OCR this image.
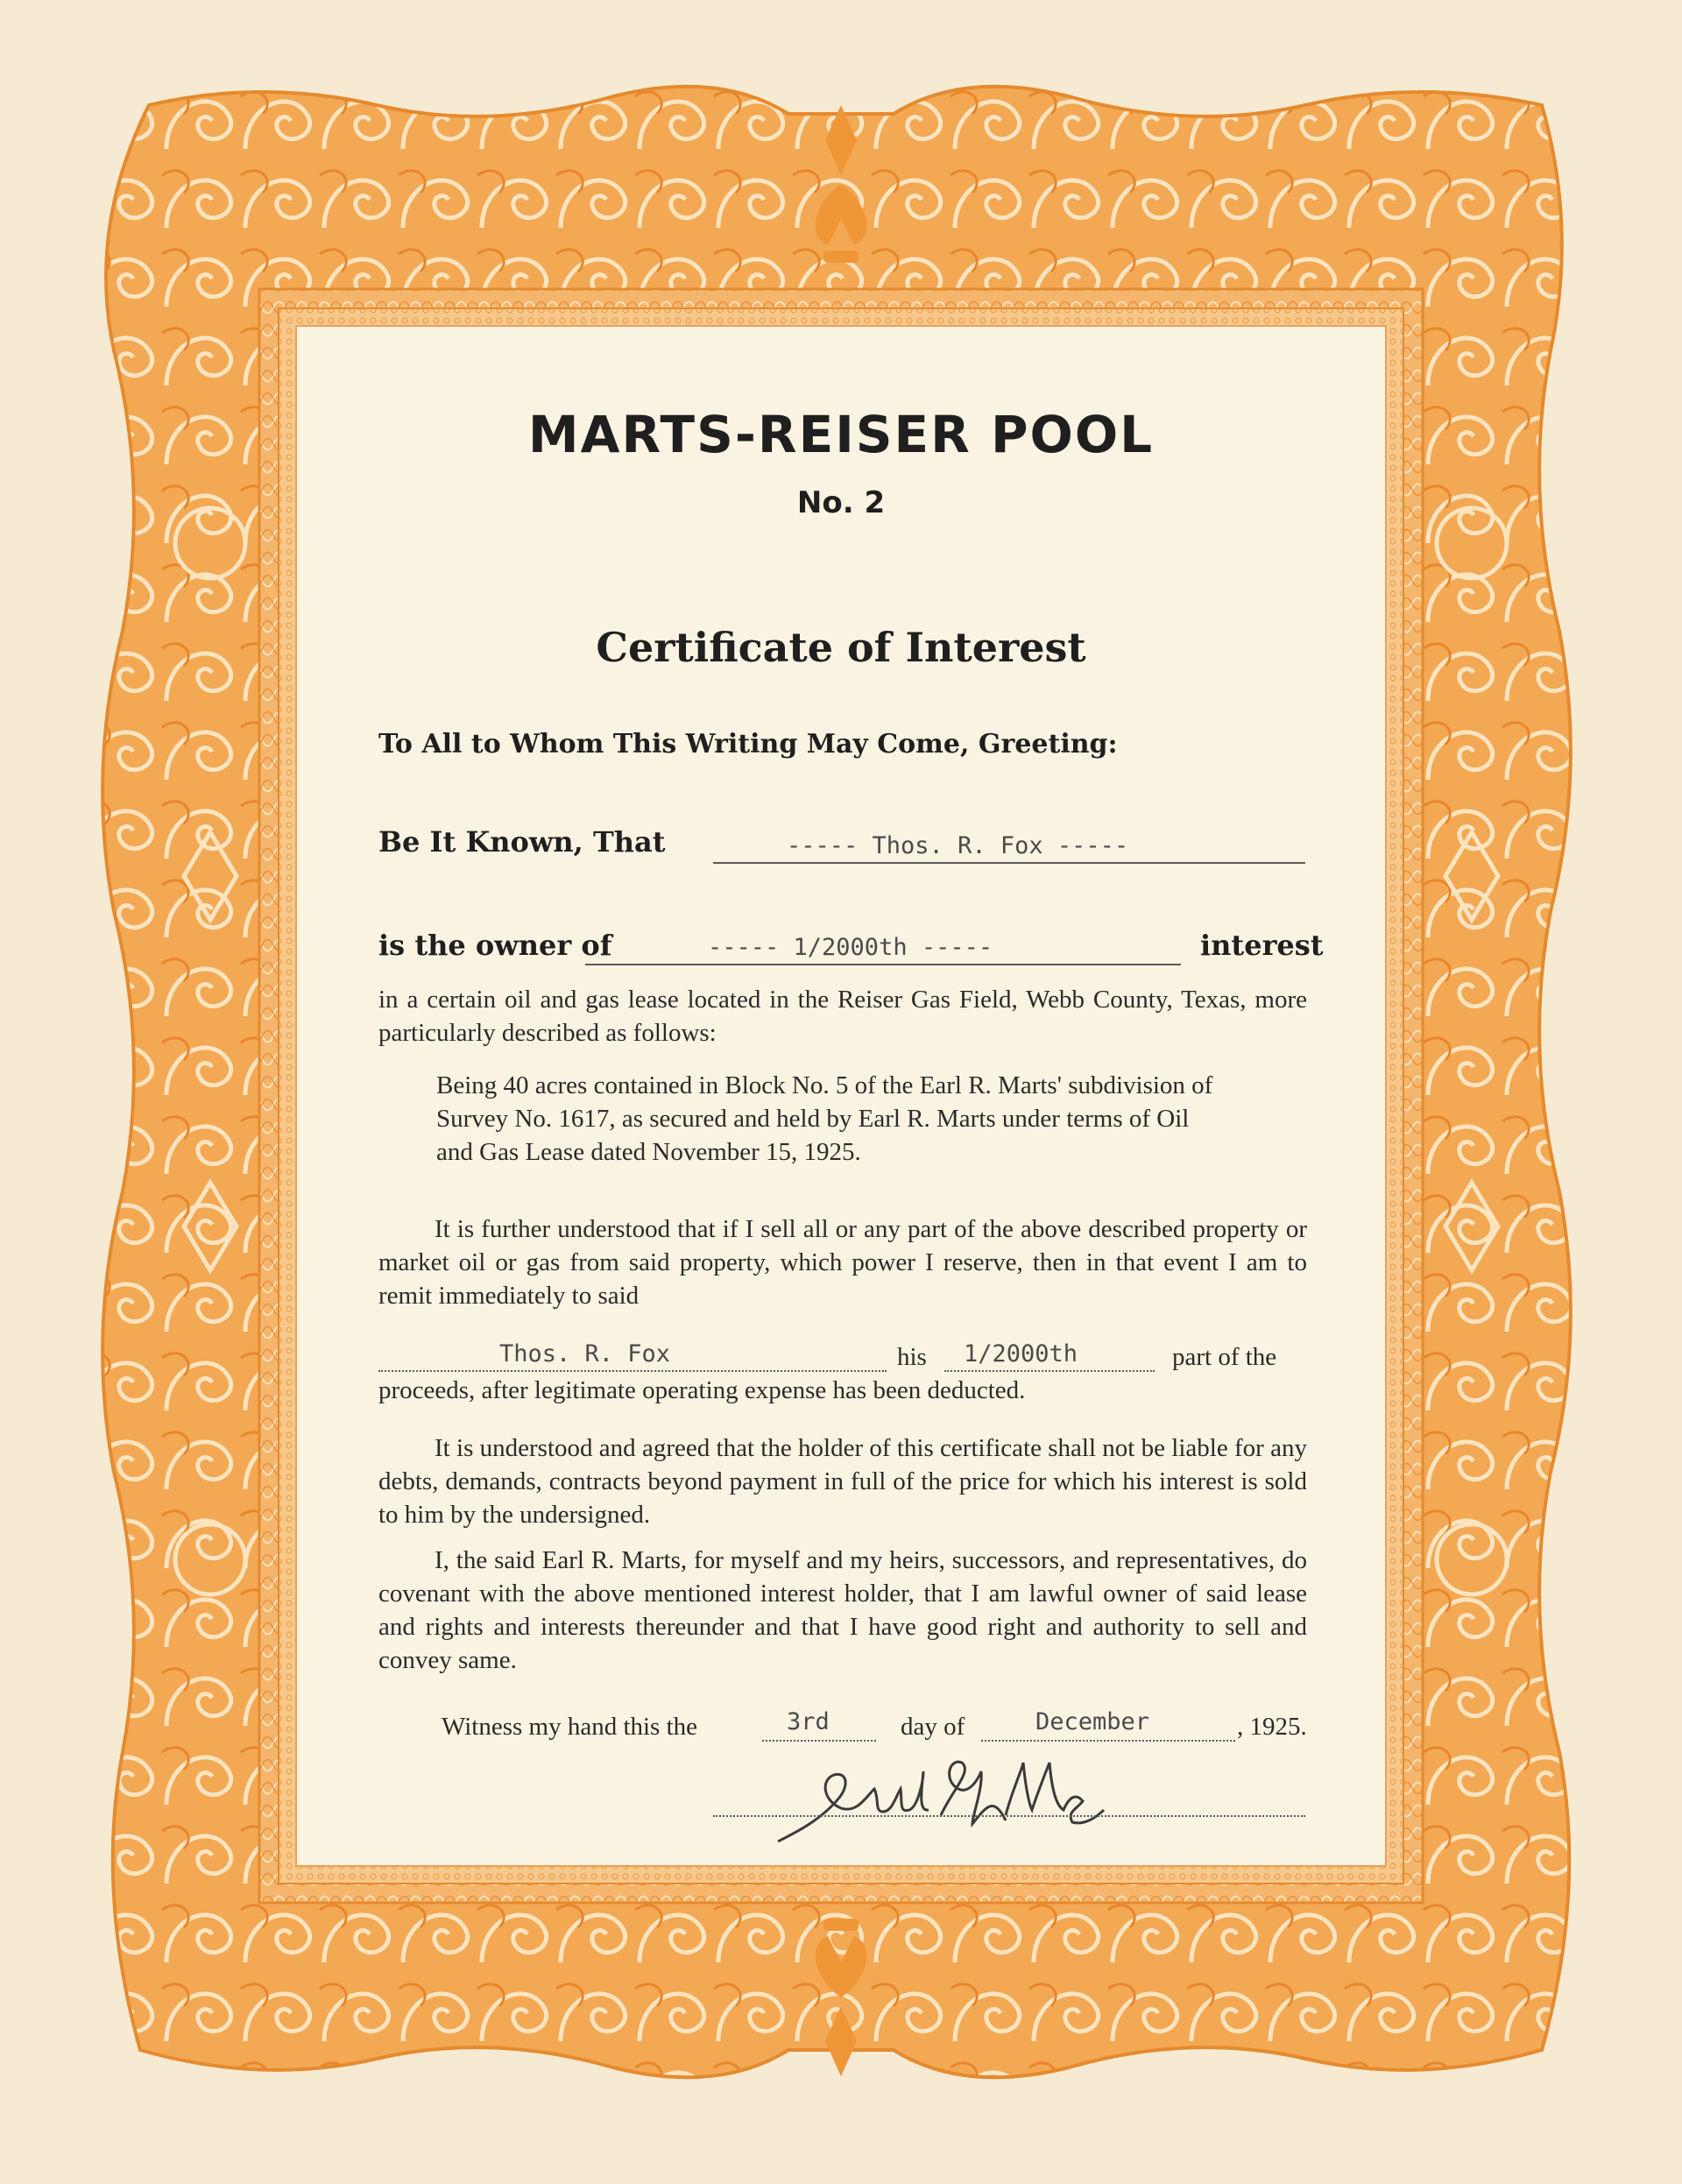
MARTS-REISER POOL
No. 2
Certificate of Interest
To All to Whom This Writing May Come, Greeting:
Be It Known, That	----- Thos. R. Fox -----
is the owner of	----- 1/2000th -----	interest
in a certain oil and gas lease located in the Reiser Gas Field, Webb County, Texas, more particularly described as follows:
Being 40 acres contained in Block No. 5 of the Earl R. Marts' subdivision of Survey No. 1617, as secured and held by Earl R. Marts under terms of Oil and Gas Lease dated November 15, 1925.
It is further understood that if I sell all or any part of the above described property or market oil or gas from said property, which power I reserve, then in that event I am to remit immediately to said
Thos. R. Fox	his 1/2000th	part of the
proceeds, after legitimate operating expense has been deducted.
It is understood and agreed that the holder of this certificate shall not be liable for any debts, demands, contracts beyond payment in full of the price for which his interest is sold to him by the undersigned.
I, the said Earl R. Marts, for myself and my heirs, successors, and representatives, do covenant with the above mentioned interest holder, that I am lawful owner of said lease and rights and interests thereunder and that I have good right and authority to sell and convey same.
Witness my hand this the	3rd	day of	December	, 1925.
